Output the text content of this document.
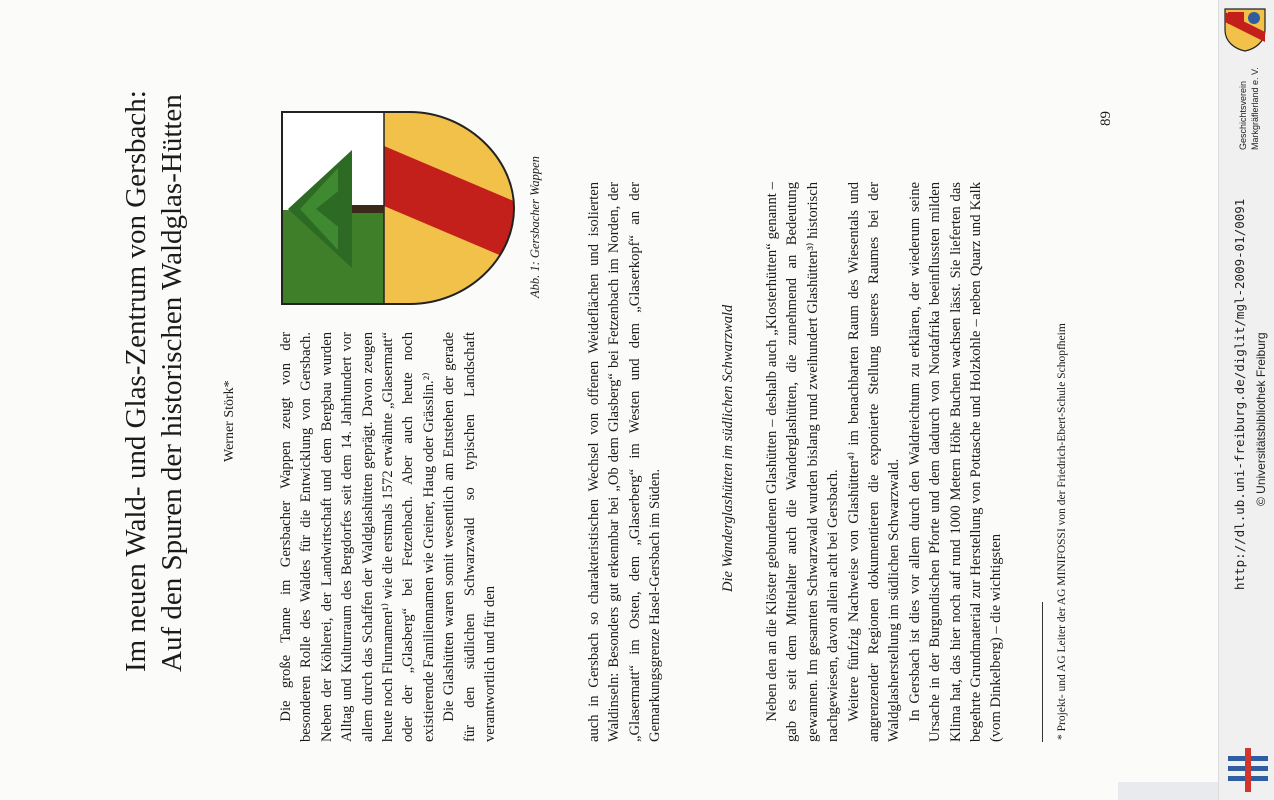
Im neuen Wald- und Glas-Zentrum von Gersbach: Auf den Spuren der historischen Waldglas-Hütten Werner Störk*	Die große Tanne im Gersbacher Wappen zeugt von der besonderen Rolle des Waldes für die Entwicklung von Gersbach. Neben der Köhlerei, der Landwirtschaft und dem Bergbau wurden Alltag und Kulturraum des Bergdorfes seit dem 14. Jahrhundert vor allem durch das Schaffen der Waldglashütten geprägt. Davon zeugen heute noch Flurnamen¹⁾ wie die erstmals 1572 erwähnte „Glasermatt“ oder der „Glasberg“ bei Fetzenbach. Aber auch heute noch existierende Familiennamen wie Greiner, Haug oder Grässlin.²⁾ Die Glashütten waren somit wesentlich am Entstehen der gerade für den südlichen Schwarzwald so typischen Landschaft verantwortlich und für den	auch in Gersbach so charakteristischen Wechsel von offenen Weideflächen und isolierten Waldinseln: Besonders gut erkennbar bei „Ob dem Glasberg“ bei Fetzenbach im Norden, der „Glasermatt“ im Osten, dem „Glaserberg“ im Westen und dem „Glaserkopf“ an der Gemarkungsgrenze Hasel-Gersbach im Süden.

Abb. 1: Gersbacher Wappen
Die Wanderglashütten im südlichen Schwarzwald Neben den an die Klöster gebundenen Glashütten – deshalb auch „Klosterhütten“ genannt – gab es seit dem Mittelalter auch die Wanderglashütten, die zunehmend an Bedeutung gewannen. Im gesamten Schwarzwald wurden bislang rund zweihundert Glashütten³⁾ historisch nachgewiesen, davon allein acht bei Gersbach. Weitere fünfzig Nachweise von Glashütten⁴⁾ im benachbarten Raum des Wiesentals und angrenzender Regionen dokumentieren die exponierte Stellung unseres Raumes bei der Waldglasherstellung im südlichen Schwarzwald. In Gersbach ist dies vor allem durch den Waldreichtum zu erklären, der wiederum seine Ursache in der Burgundischen Pforte und dem dadurch von Nordafrika beeinflussten milden Klima hat, das hier noch auf rund 1000 Metern Höhe Buchen wachsen lässt. Sie lieferten das begehrte Grundmaterial zur Herstellung von Pottasche und Holzkohle – neben Quarz und Kalk (vom Dinkelberg) – die wichtigsten	* Projekt- und AG Leiter der AG MINIFOSSI von der Friedrich-Ebert-Schule Schopfheim
89	Geschichtsverein Markgräflerland e. V.
http://dl.ub.uni-freiburg.de/diglit/mgl-2009-01/0091 © Universitätsbibliothek Freiburg
